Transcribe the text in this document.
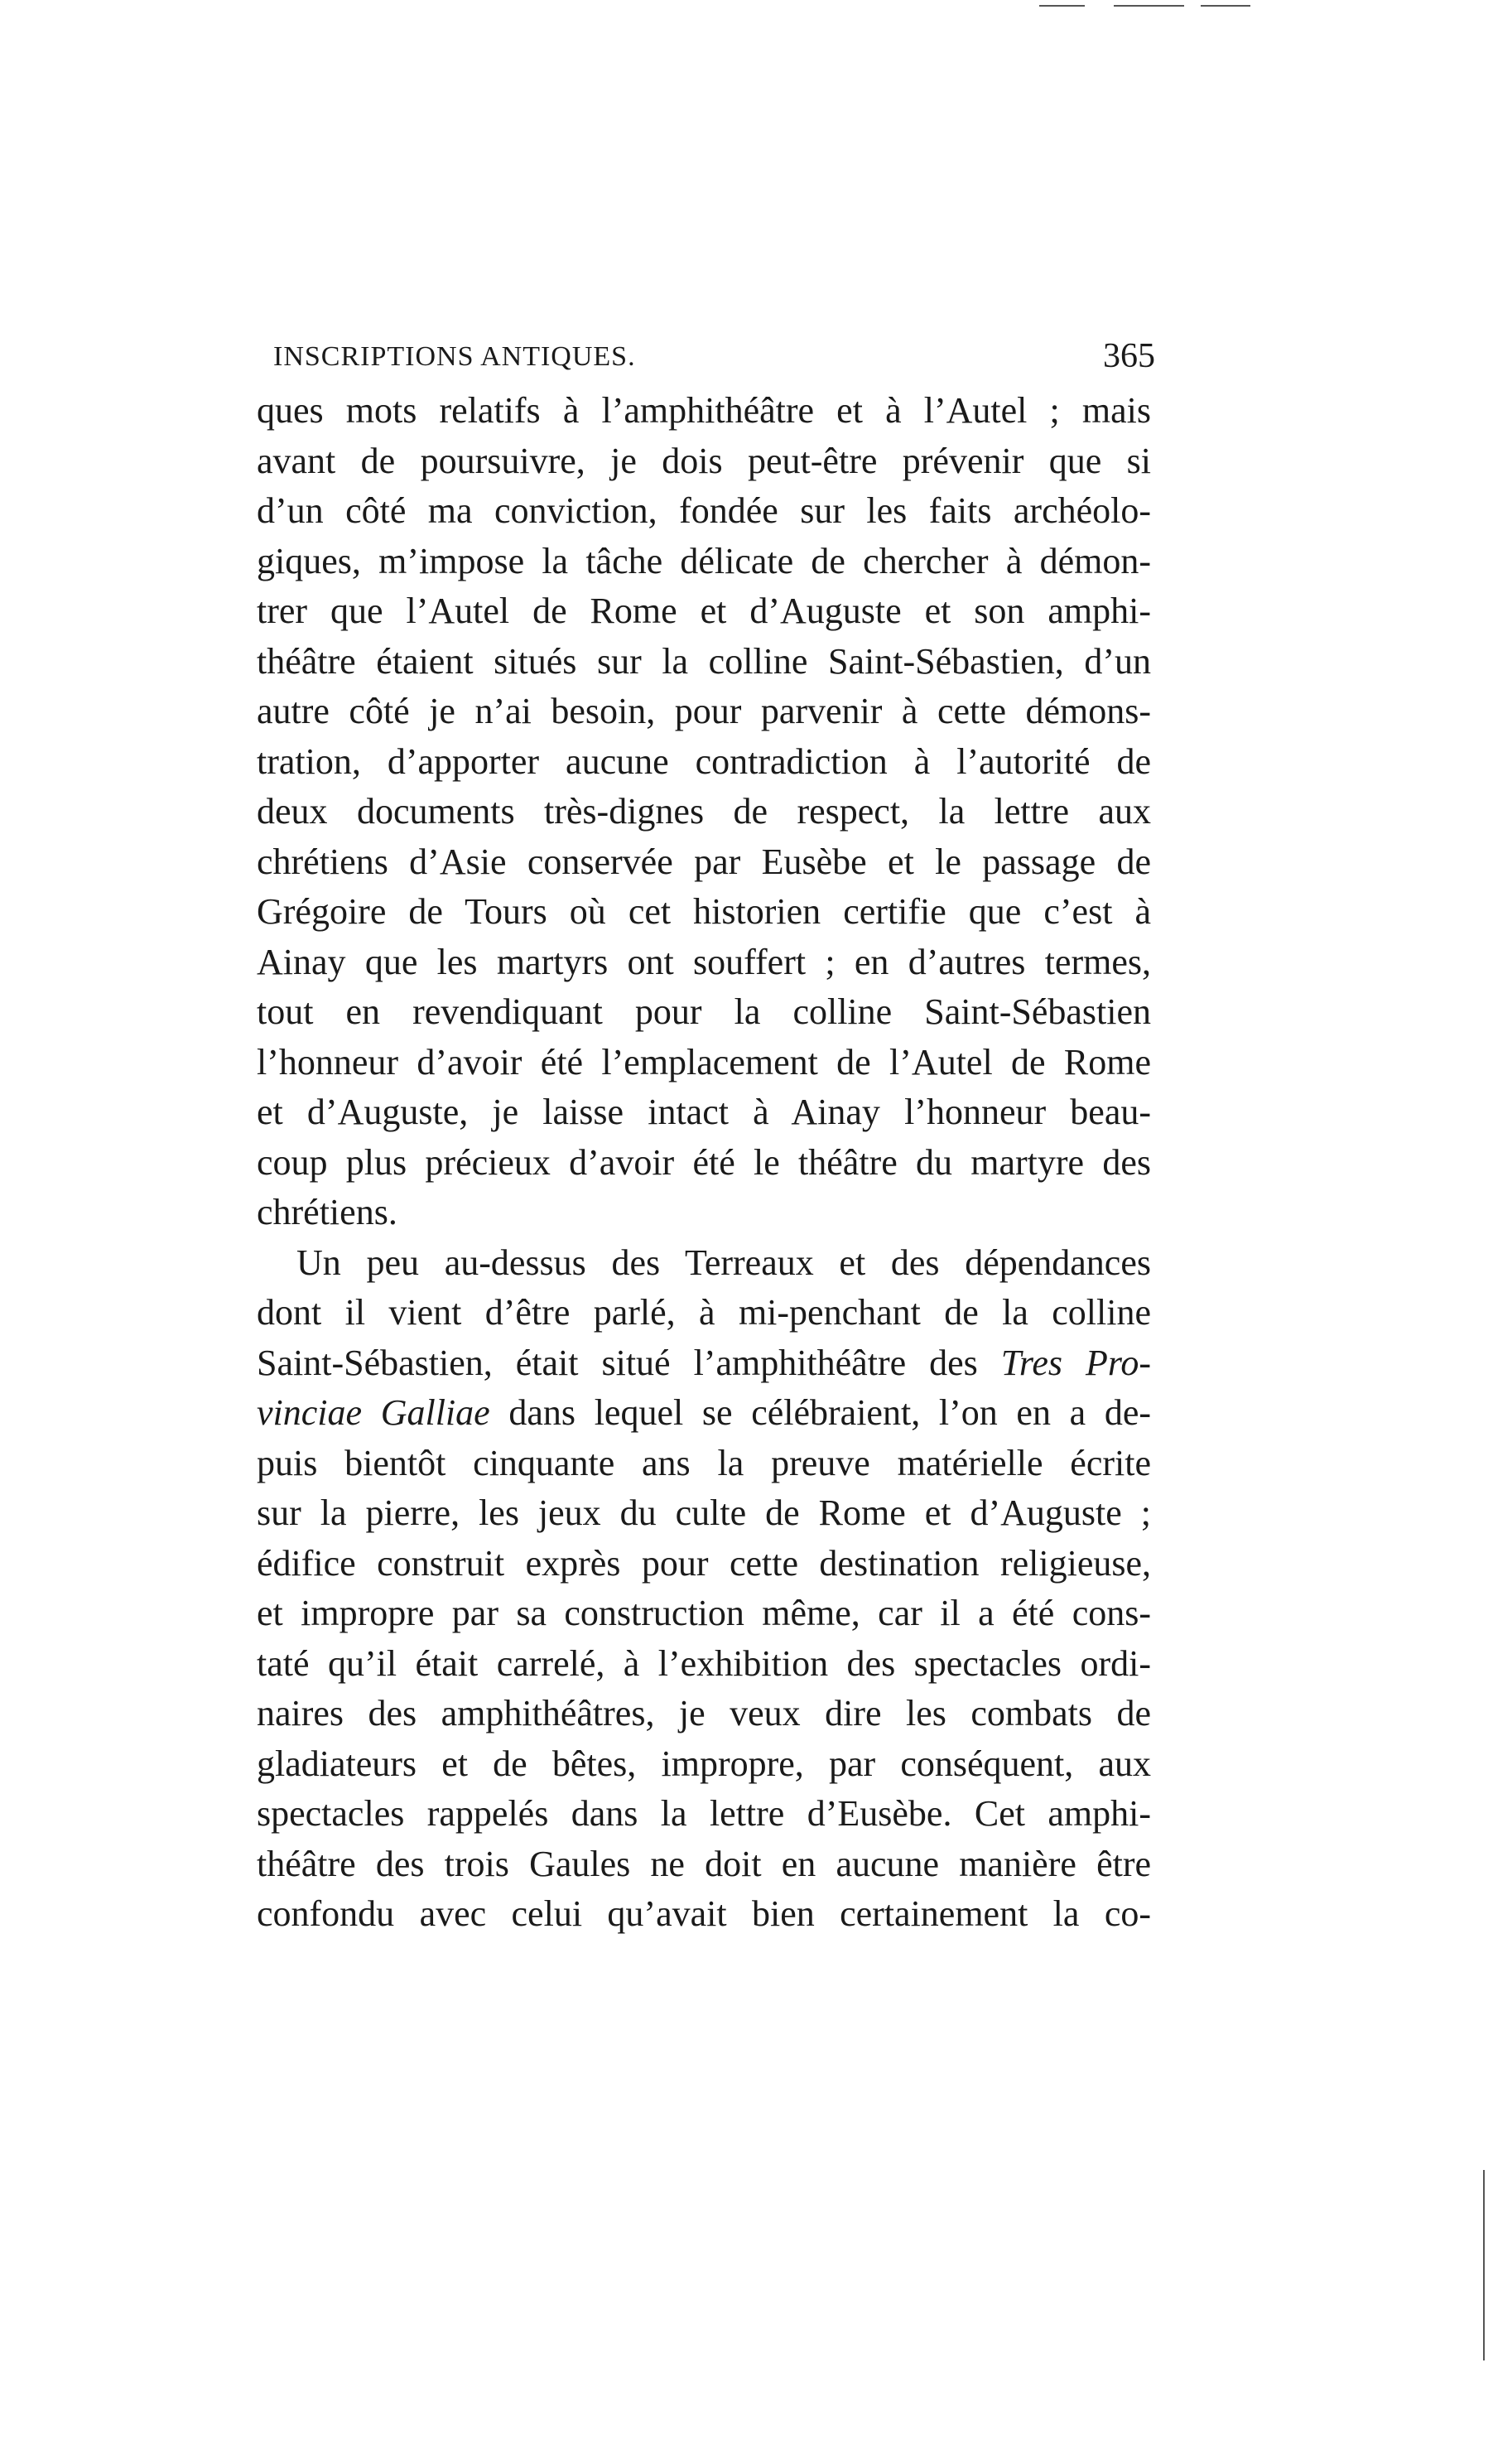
INSCRIPTIONS ANTIQUES.	365
ques mots relatifs à l’amphithéâtre et à l’Autel ; mais
avant de poursuivre, je dois peut-être prévenir que si
d’un côté ma conviction, fondée sur les faits archéolo-
giques, m’impose la tâche délicate de chercher à démon-
trer que l’Autel de Rome et d’Auguste et son amphi-
théâtre étaient situés sur la colline Saint-Sébastien, d’un
autre côté je n’ai besoin, pour parvenir à cette démons-
tration, d’apporter aucune contradiction à l’autorité de
deux documents très-dignes de respect, la lettre aux
chrétiens d’Asie conservée par Eusèbe et le passage de
Grégoire de Tours où cet historien certifie que c’est à
Ainay que les martyrs ont souffert ; en d’autres termes,
tout en revendiquant pour la colline Saint-Sébastien
l’honneur d’avoir été l’emplacement de l’Autel de Rome
et d’Auguste, je laisse intact à Ainay l’honneur beau-
coup plus précieux d’avoir été le théâtre du martyre des
chrétiens.
Un peu au-dessus des Terreaux et des dépendances
dont il vient d’être parlé, à mi-penchant de la colline
Saint-Sébastien, était situé l’amphithéâtre des Tres Pro-
vinciae Galliae dans lequel se célébraient, l’on en a de-
puis bientôt cinquante ans la preuve matérielle écrite
sur la pierre, les jeux du culte de Rome et d’Auguste ;
édifice construit exprès pour cette destination religieuse,
et impropre par sa construction même, car il a été cons-
taté qu’il était carrelé, à l’exhibition des spectacles ordi-
naires des amphithéâtres, je veux dire les combats de
gladiateurs et de bêtes, impropre, par conséquent, aux
spectacles rappelés dans la lettre d’Eusèbe. Cet amphi-
théâtre des trois Gaules ne doit en aucune manière être
confondu avec celui qu’avait bien certainement la co-
